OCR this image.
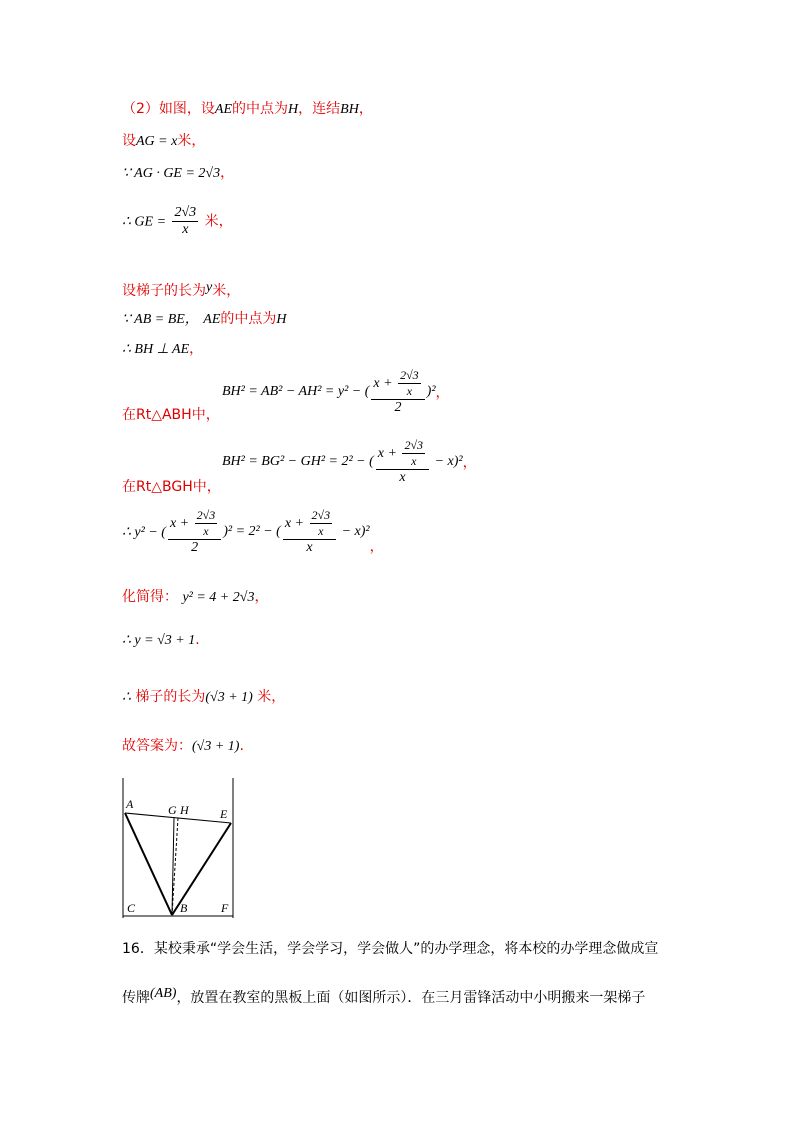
（2）如图，设AE的中点为H，连结BH，
设AG = x米，
∵ AG · GE = 2√3，
∴ GE = $\frac{2√3}{x}$ 米，
设梯子的长为y米，
∵ AB = BE， AE的中点为H
∴ BH ⊥ AE，
在Rt△ABH中，
BH² = AB² − AH² = y² − ( $\frac{x + \frac{2√3}{x}}{2} )^2$ ，
在Rt△BGH中，
BH² = BG² − GH² = 2² − ( $\frac{x + \frac{2√3}{x}}{x} - x$ )² ，
∴ y² − ( $\frac{x + \frac{2√3}{x}}{2} )^2 = 2^2$ − ( $\frac{x + \frac{2√3}{x}}{x} - x$ )²
，
化简得： y² = 4 + 2√3，
∴ y = √3 + 1.
∴ 梯子的长为(√3 + 1) 米，
故答案为：(√3 + 1).
A	G H	E
C	B	F
16．某校秉承“学会生活，学会学习，学会做人”的办学理念，将本校的办学理念做成宣
传牌(AB)，放置在教室的黑板上面（如图所示）．在三月雷锋活动中小明搬来一架梯子
